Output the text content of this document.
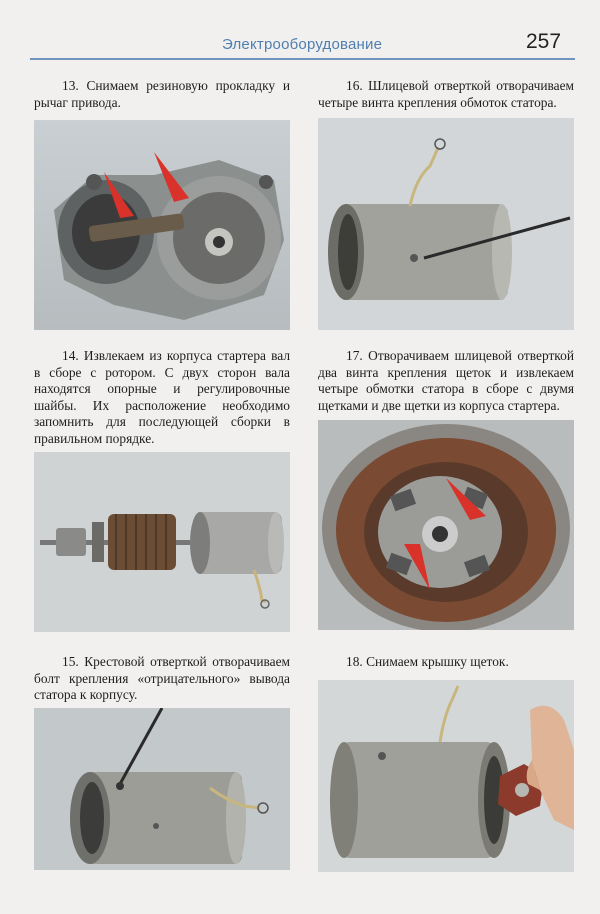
Электрооборудование	257
13. Снимаем резиновую прокладку и рычаг привода.
14. Извлекаем из корпуса стартера вал в сборе с ротором. С двух сторон вала находятся опорные и регулировочные шайбы. Их расположение необходимо запомнить для последующей сборки в правильном порядке.
15. Крестовой отверткой отворачиваем болт крепления «отрицательного» вывода статора к корпусу.
16. Шлицевой отверткой отворачиваем четыре винта крепления обмоток статора.
17. Отворачиваем шлицевой отверткой два винта крепления щеток и извлекаем четыре обмотки статора в сборе с двумя щетками и две щетки из корпуса стартера.
18. Снимаем крышку щеток.
